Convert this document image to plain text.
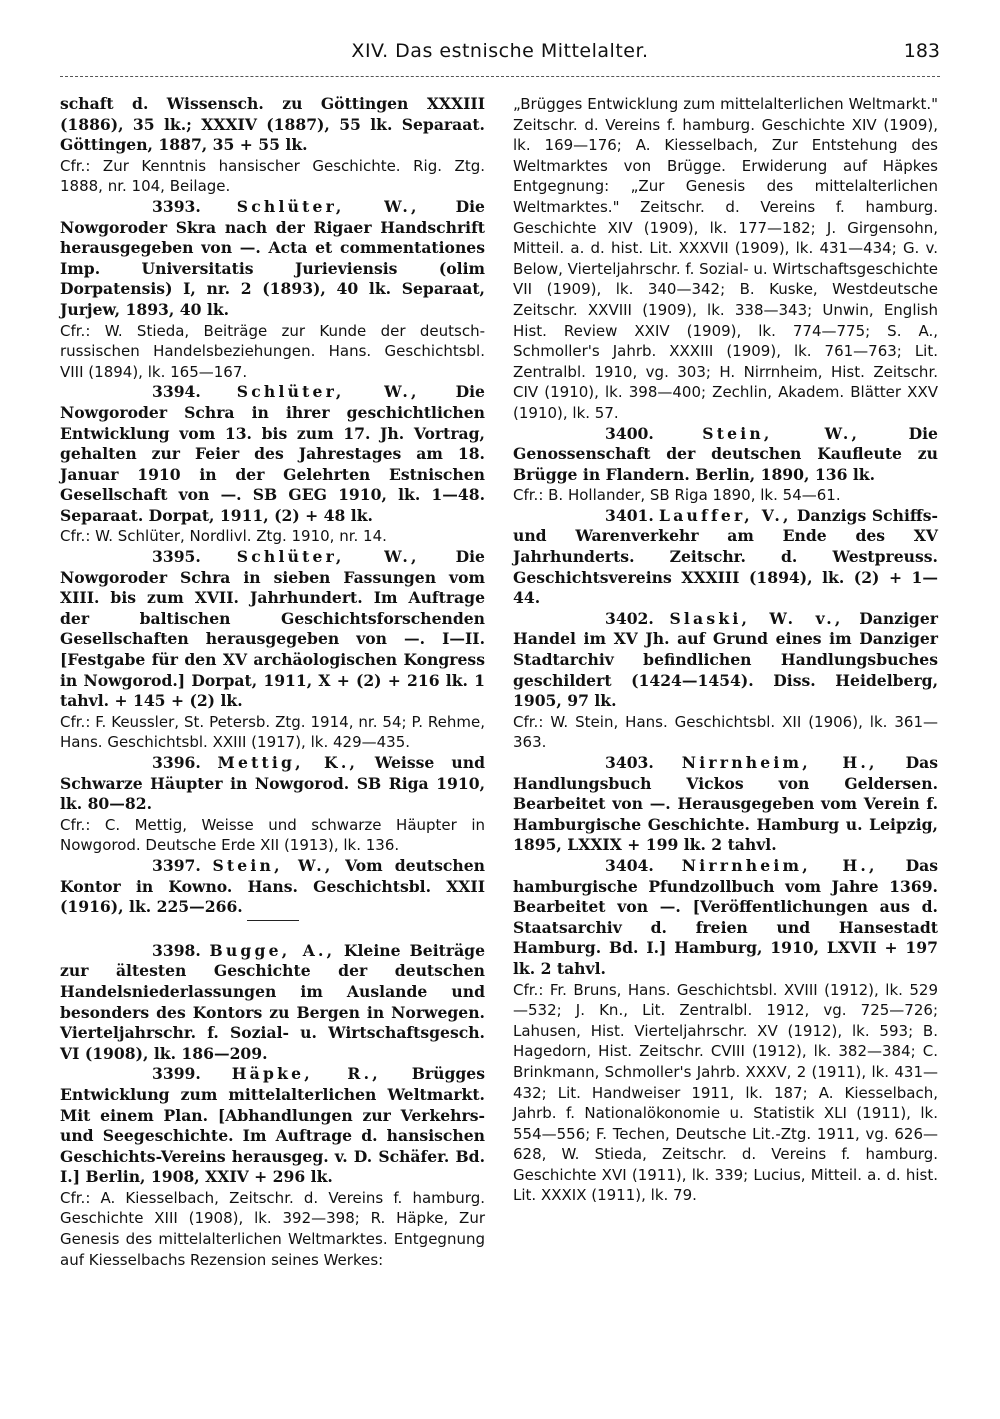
XIV. Das estnische Mittelalter.	183

schaft d. Wissensch. zu Göttingen XXXIII (1886), 35 lk.; XXXIV (1887), 55 lk. Separaat. Göttingen, 1887, 35 + 55 lk.

Cfr.: Zur Kenntnis hansischer Geschichte. Rig. Ztg. 1888, nr. 104, Beilage.

3393. Schlüter, W., Die Nowgoroder Skra nach der Rigaer Handschrift herausgegeben von —. Acta et commentationes Imp. Universitatis Jurieviensis (olim Dorpatensis) I, nr. 2 (1893), 40 lk. Separaat, Jurjew, 1893, 40 lk.

Cfr.: W. Stieda, Beiträge zur Kunde der deutsch-russischen Handelsbeziehungen. Hans. Geschichtsbl. VIII (1894), lk. 165—167.

3394. Schlüter, W., Die Nowgoroder Schra in ihrer geschichtlichen Entwicklung vom 13. bis zum 17. Jh. Vortrag, gehalten zur Feier des Jahrestages am 18. Januar 1910 in der Gelehrten Estnischen Gesellschaft von —. SB GEG 1910, lk. 1—48. Separaat. Dorpat, 1911, (2) + 48 lk.

Cfr.: W. Schlüter, Nordlivl. Ztg. 1910, nr. 14.

3395. Schlüter, W., Die Nowgoroder Schra in sieben Fassungen vom XIII. bis zum XVII. Jahrhundert. Im Auftrage der baltischen Geschichtsforschenden Gesellschaften herausgegeben von —. I—II. [Festgabe für den XV archäologischen Kongress in Nowgorod.] Dorpat, 1911, X + (2) + 216 lk. 1 tahvl. + 145 + (2) lk.

Cfr.: F. Keussler, St. Petersb. Ztg. 1914, nr. 54; P. Rehme, Hans. Geschichtsbl. XXIII (1917), lk. 429—435.

3396. Mettig, K., Weisse und Schwarze Häupter in Nowgorod. SB Riga 1910, lk. 80—82.

Cfr.: C. Mettig, Weisse und schwarze Häupter in Nowgorod. Deutsche Erde XII (1913), lk. 136.

3397. Stein, W., Vom deutschen Kontor in Kowno. Hans. Geschichtsbl. XXII (1916), lk. 225—266.

3398. Bugge, A., Kleine Beiträge zur ältesten Geschichte der deutschen Handelsniederlassungen im Auslande und besonders des Kontors zu Bergen in Norwegen. Vierteljahrschr. f. Sozial- u. Wirtschaftsgesch. VI (1908), lk. 186—209.

3399. Häpke, R., Brügges Entwicklung zum mittelalterlichen Weltmarkt. Mit einem Plan. [Abhandlungen zur Verkehrs- und Seegeschichte. Im Auftrage d. hansischen Geschichts-Vereins herausgeg. v. D. Schäfer. Bd. I.] Berlin, 1908, XXIV + 296 lk.

Cfr.: A. Kiesselbach, Zeitschr. d. Vereins f. hamburg. Geschichte XIII (1908), lk. 392—398; R. Häpke, Zur Genesis des mittelalterlichen Weltmarktes. Entgegnung auf Kiesselbachs Rezension seines Werkes:

„Brügges Entwicklung zum mittelalterlichen Weltmarkt." Zeitschr. d. Vereins f. hamburg. Geschichte XIV (1909), lk. 169—176; A. Kiesselbach, Zur Entstehung des Weltmarktes von Brügge. Erwiderung auf Häpkes Entgegnung: „Zur Genesis des mittelalterlichen Weltmarktes." Zeitschr. d. Vereins f. hamburg. Geschichte XIV (1909), lk. 177—182; J. Girgensohn, Mitteil. a. d. hist. Lit. XXXVII (1909), lk. 431—434; G. v. Below, Vierteljahrschr. f. Sozial- u. Wirtschaftsgeschichte VII (1909), lk. 340—342; B. Kuske, Westdeutsche Zeitschr. XXVIII (1909), lk. 338—343; Unwin, English Hist. Review XXIV (1909), lk. 774—775; S. A., Schmoller's Jahrb. XXXIII (1909), lk. 761—763; Lit. Zentralbl. 1910, vg. 303; H. Nirrnheim, Hist. Zeitschr. CIV (1910), lk. 398—400; Zechlin, Akadem. Blätter XXV (1910), lk. 57.

3400.	Stein, W.,	Die Genossenschaft der deutschen Kaufleute zu Brügge in Flandern. Berlin, 1890, 136 lk.

Cfr.: B. Hollander, SB Riga 1890, lk. 54—61.

3401. Lauffer, V., Danzigs Schiffs- und Warenverkehr am Ende des XV Jahrhunderts. Zeitschr. d. Westpreuss. Geschichtsvereins XXXIII (1894), lk. (2) + 1—44.

3402. Slaski, W. v., Danziger Handel im XV Jh. auf Grund eines im Danziger Stadtarchiv befindlichen Handlungsbuches geschildert (1424—1454). Diss. Heidelberg, 1905, 97 lk.

Cfr.: W. Stein, Hans. Geschichtsbl. XII (1906), lk. 361—363.

3403. Nirrnheim, H., Das Handlungsbuch Vickos von Geldersen. Bearbeitet von —. Herausgegeben vom Verein f. Hamburgische Geschichte. Hamburg u. Leipzig, 1895, LXXIX + 199 lk. 2 tahvl.

3404. Nirrnheim, H., Das hamburgische Pfundzollbuch vom Jahre 1369. Bearbeitet von —. [Veröffentlichungen aus d. Staatsarchiv d. freien und Hansestadt Hamburg. Bd. I.] Hamburg, 1910, LXVII + 197 lk. 2 tahvl.

Cfr.: Fr. Bruns, Hans. Geschichtsbl. XVIII (1912), lk. 529—532; J. Kn., Lit. Zentralbl. 1912, vg. 725—726; Lahusen, Hist. Vierteljahrschr. XV (1912), lk. 593; B. Hagedorn, Hist. Zeitschr. CVIII (1912), lk. 382—384; C. Brinkmann, Schmoller's Jahrb. XXXV, 2 (1911), lk. 431—432; Lit. Handweiser 1911, lk. 187; A. Kiesselbach, Jahrb. f. Nationalökonomie u. Statistik XLI (1911), lk. 554—556; F. Techen, Deutsche Lit.-Ztg. 1911, vg. 626—628, W. Stieda, Zeitschr. d. Vereins f. hamburg. Geschichte XVI (1911), lk. 339; Lucius, Mitteil. a. d. hist. Lit. XXXIX (1911), lk. 79.
